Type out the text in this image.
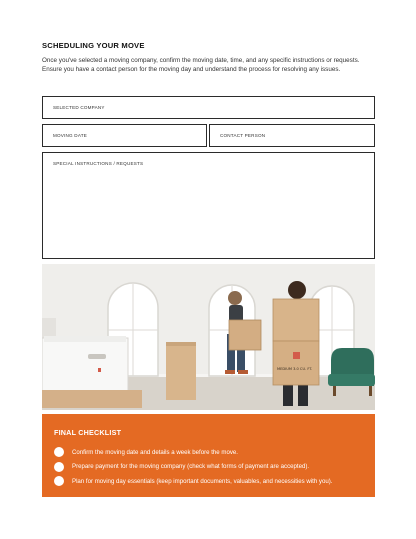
SCHEDULING YOUR MOVE

Once you've selected a moving company, confirm the moving date, time, and any specific instructions or requests. Ensure you have a contact person for the moving day and understand the process for resolving any issues.

SELECTED COMPANY
MOVING DATE	CONTACT PERSON
SPECIAL INSTRUCTIONS / REQUESTS
MEDIUM 3.0 CU. FT.
FINAL CHECKLIST
Confirm the moving date and details a week before the move.
Prepare payment for the moving company (check what forms of payment are accepted).
Plan for moving day essentials (keep important documents, valuables, and necessities with you).
